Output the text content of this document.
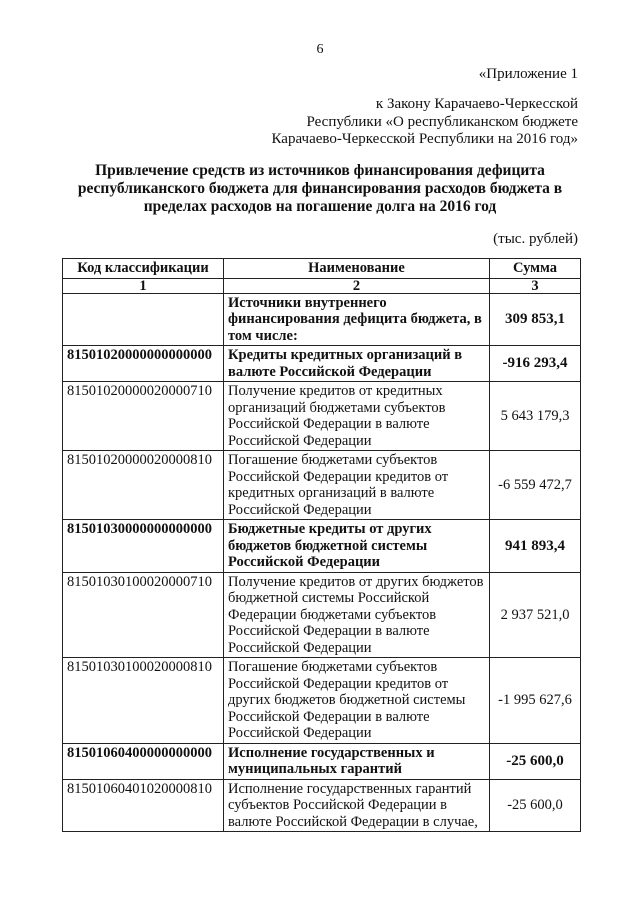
6
«Приложение 1
к Закону Карачаево-Черкесской
Республики «О республиканском бюджете
Карачаево-Черкесской Республики на 2016 год»
Привлечение средств из источников финансирования дефицита
республиканского бюджета для финансирования расходов бюджета в
пределах расходов на погашение долга на 2016 год
(тыс. рублей)
Код классификации	Наименование	Сумма
1	2	3
	Источники внутреннего финансирования дефицита бюджета, в том числе:	309 853,1
81501020000000000000	Кредиты кредитных организаций в валюте Российской Федерации	-916 293,4
81501020000020000710	Получение кредитов от кредитных организаций бюджетами субъектов Российской Федерации в валюте Российской Федерации	5 643 179,3
81501020000020000810	Погашение бюджетами субъектов Российской Федерации кредитов от кредитных организаций в валюте Российской Федерации	-6 559 472,7
81501030000000000000	Бюджетные кредиты от других бюджетов бюджетной системы Российской Федерации	941 893,4
81501030100020000710	Получение кредитов от других бюджетов бюджетной системы Российской Федерации бюджетами субъектов Российской Федерации в валюте Российской Федерации	2 937 521,0
81501030100020000810	Погашение бюджетами субъектов Российской Федерации кредитов от других бюджетов бюджетной системы Российской Федерации в валюте Российской Федерации	-1 995 627,6
81501060400000000000	Исполнение государственных и муниципальных гарантий	-25 600,0
81501060401020000810	Исполнение государственных гарантий субъектов Российской Федерации в валюте Российской Федерации в случае,	-25 600,0
